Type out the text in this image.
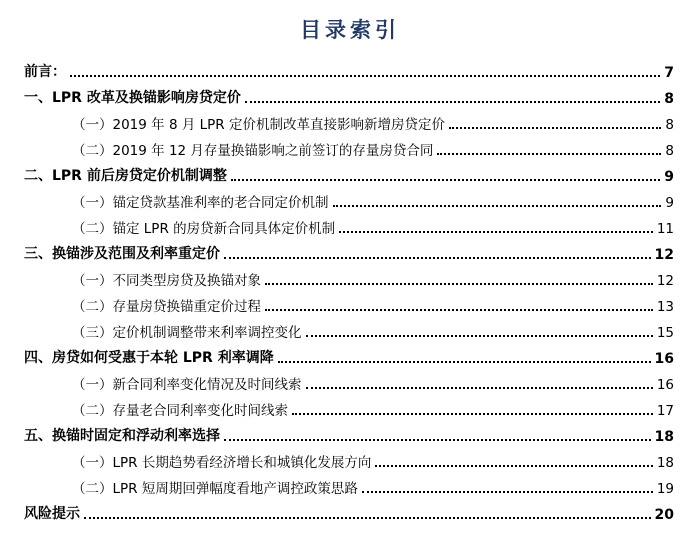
目录索引
前言：	7
一、LPR 改革及换锚影响房贷定价	8
（一）2019 年 8 月 LPR 定价机制改革直接影响新增房贷定价	8
（二）2019 年 12 月存量换锚影响之前签订的存量房贷合同	8
二、LPR 前后房贷定价机制调整	9
（一）锚定贷款基准利率的老合同定价机制	9
（二）锚定 LPR 的房贷新合同具体定价机制	11
三、换锚涉及范围及利率重定价	12
（一）不同类型房贷及换锚对象	12
（二）存量房贷换锚重定价过程	13
（三）定价机制调整带来利率调控变化	15
四、房贷如何受惠于本轮 LPR 利率调降	16
（一）新合同利率变化情况及时间线索	16
（二）存量老合同利率变化时间线索	17
五、换锚时固定和浮动利率选择	18
（一）LPR 长期趋势看经济增长和城镇化发展方向	18
（二）LPR 短周期回弹幅度看地产调控政策思路	19
风险提示	20
